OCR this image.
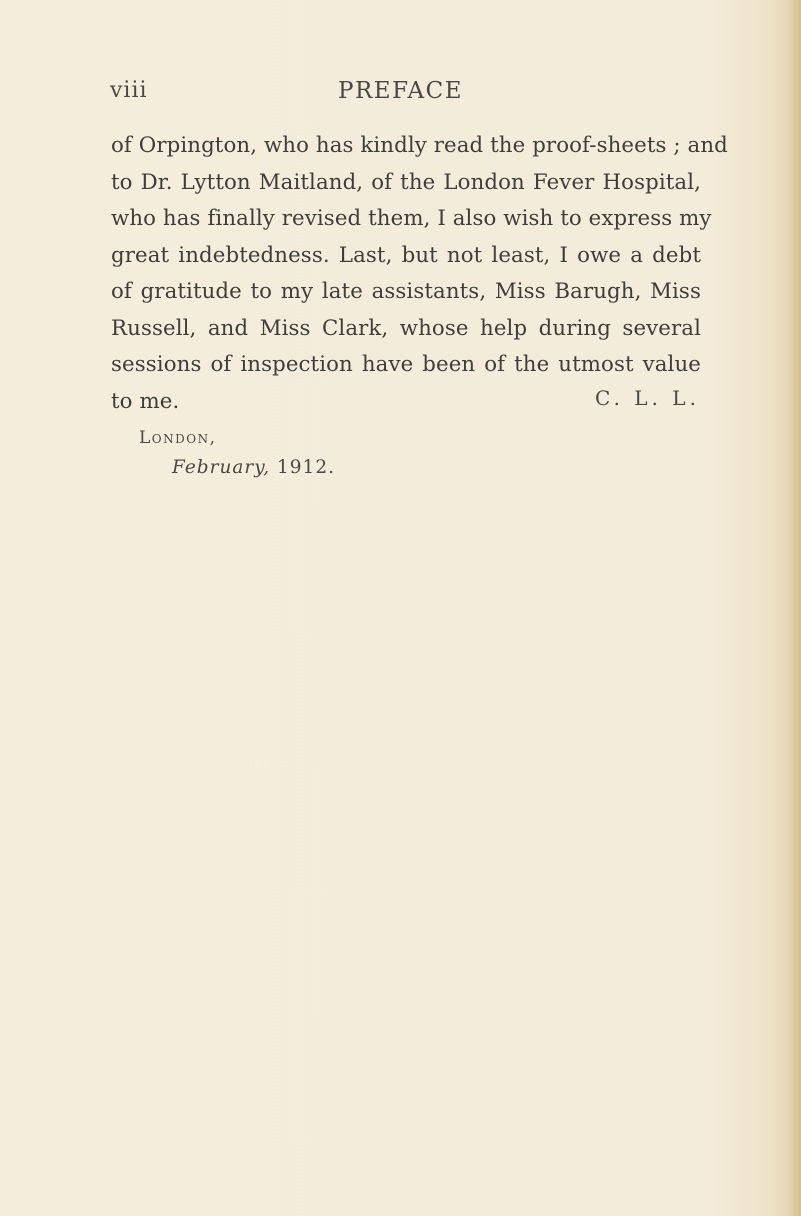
viii	PREFACE
of Orpington, who has kindly read the proof-sheets ; and
to Dr. Lytton Maitland, of the London Fever Hospital,
who has finally revised them, I also wish to express my
great indebtedness. Last, but not least, I owe a debt
of gratitude to my late assistants, Miss Barugh, Miss
Russell, and Miss Clark, whose help during several
sessions of inspection have been of the utmost value
to me.	C. L. L.
London,
February, 1912.
